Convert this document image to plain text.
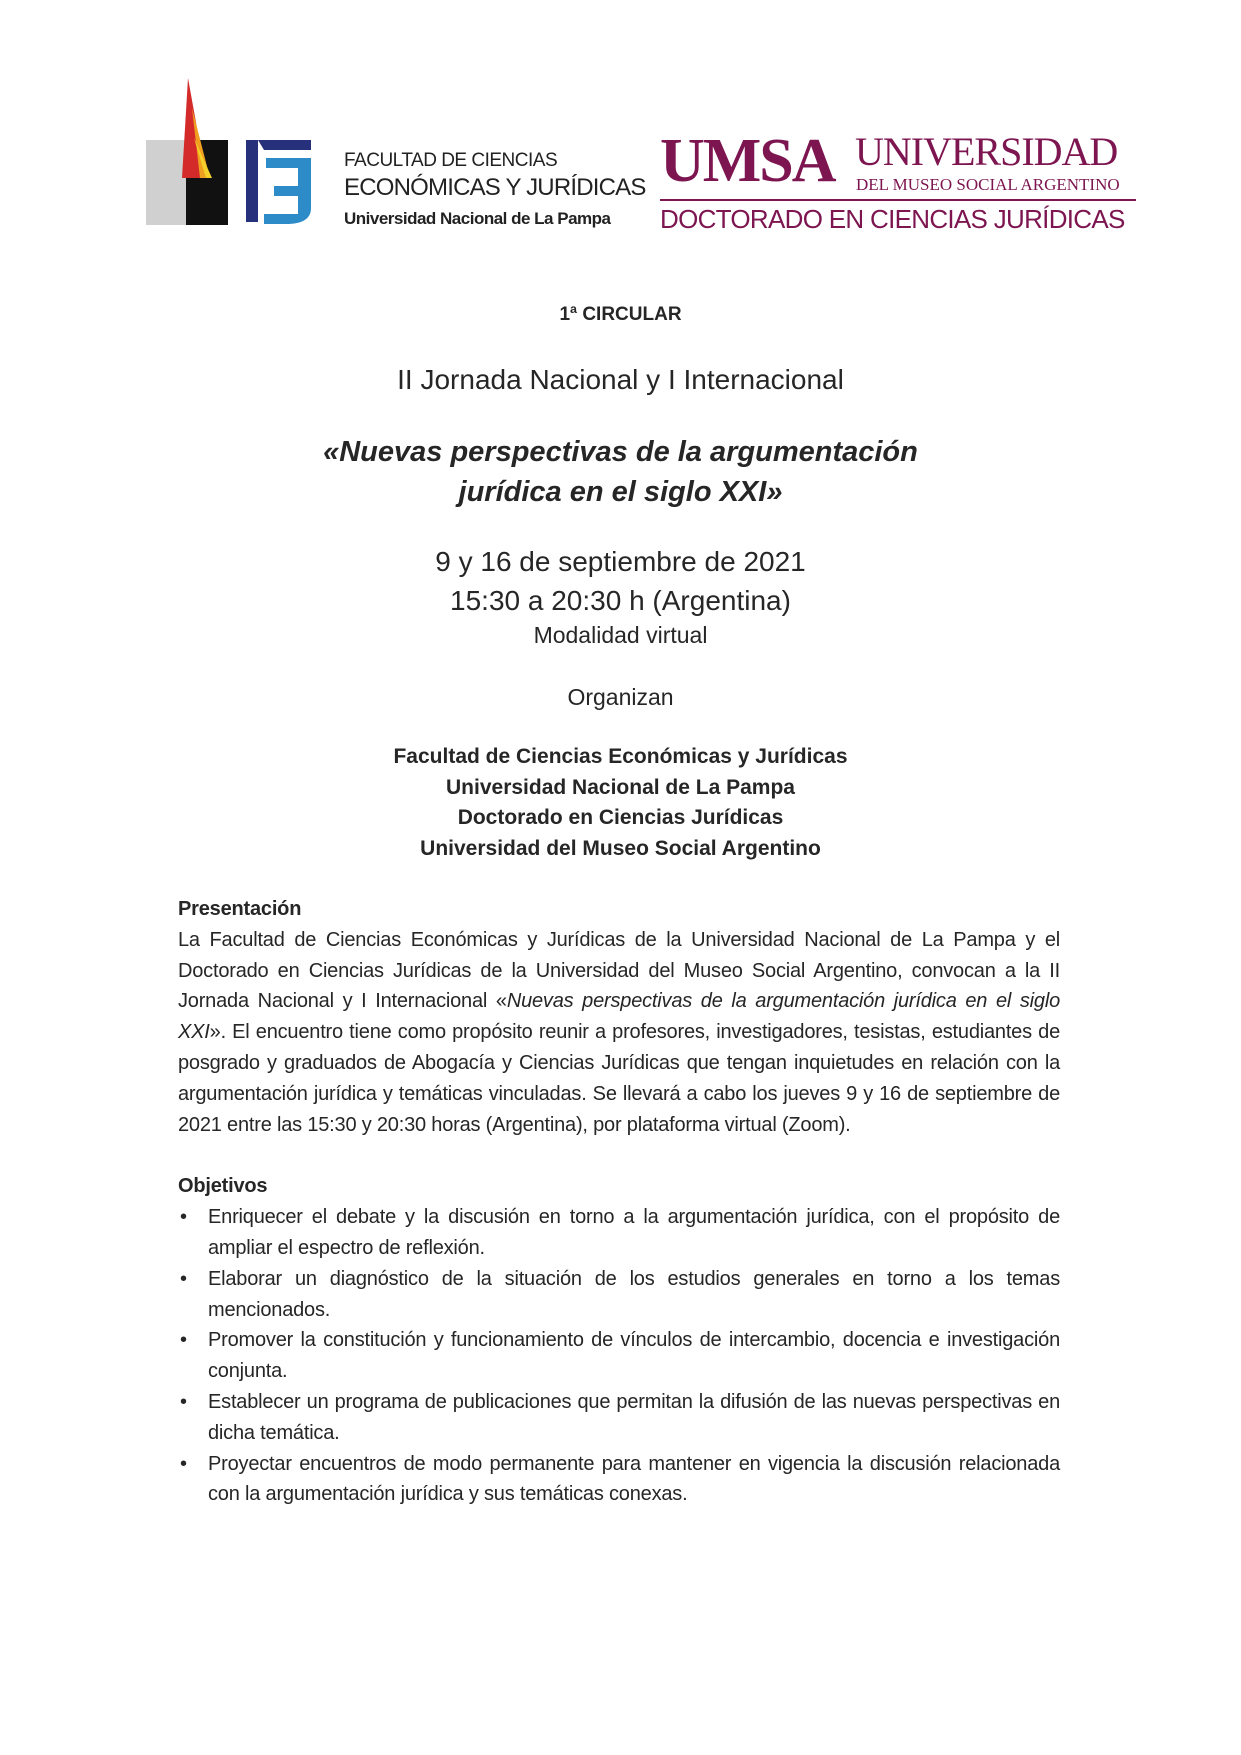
FACULTAD DE CIENCIAS
ECONÓMICAS Y JURÍDICAS
Universidad Nacional de La Pampa
UMSA UNIVERSIDAD
DEL MUSEO SOCIAL ARGENTINO
DOCTORADO EN CIENCIAS JURÍDICAS
1ª CIRCULAR
II Jornada Nacional y I Internacional
«Nuevas perspectivas de la argumentación
jurídica en el siglo XXI»
9 y 16 de septiembre de 2021
15:30 a 20:30 h (Argentina)
Modalidad virtual
Organizan
Facultad de Ciencias Económicas y Jurídicas
Universidad Nacional de La Pampa
Doctorado en Ciencias Jurídicas
Universidad del Museo Social Argentino
Presentación
La Facultad de Ciencias Económicas y Jurídicas de la Universidad Nacional de La Pampa y el Doctorado en Ciencias Jurídicas de la Universidad del Museo Social Argentino, convocan a la II Jornada Nacional y I Internacional «Nuevas perspectivas de la argumentación jurídica en el siglo XXI». El encuentro tiene como propósito reunir a profesores, investigadores, tesistas, estudiantes de posgrado y graduados de Abogacía y Ciencias Jurídicas que tengan inquietudes en relación con la argumentación jurídica y temáticas vinculadas. Se llevará a cabo los jueves 9 y 16 de septiembre de 2021 entre las 15:30 y 20:30 horas (Argentina), por plataforma virtual (Zoom).
Objetivos
• Enriquecer el debate y la discusión en torno a la argumentación jurídica, con el propósito de ampliar el espectro de reflexión.
• Elaborar un diagnóstico de la situación de los estudios generales en torno a los temas mencionados.
• Promover la constitución y funcionamiento de vínculos de intercambio, docencia e investigación conjunta.
• Establecer un programa de publicaciones que permitan la difusión de las nuevas perspectivas en dicha temática.
• Proyectar encuentros de modo permanente para mantener en vigencia la discusión relacionada con la argumentación jurídica y sus temáticas conexas.
